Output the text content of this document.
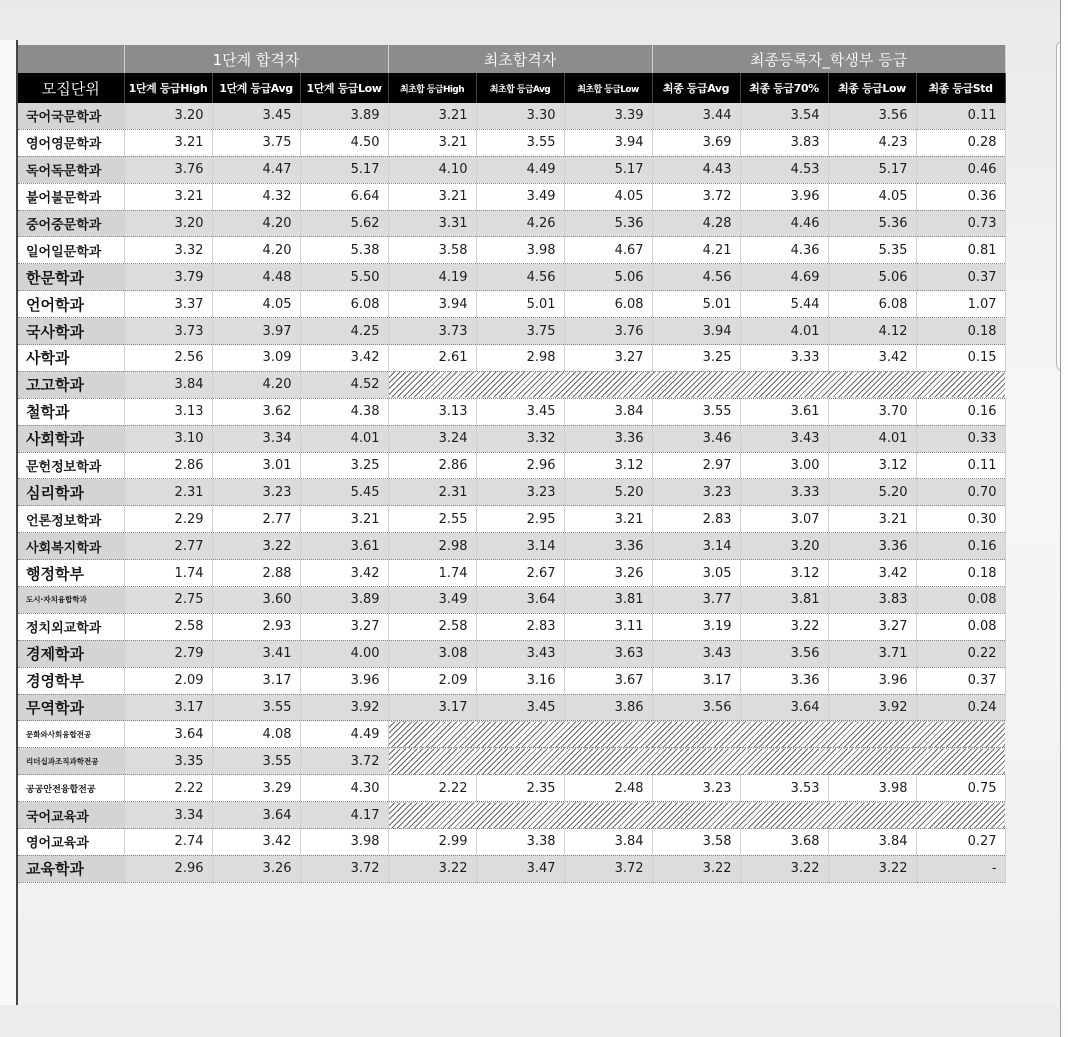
	1단계 합격자			최초합격자			최종등록자_학생부 등급			
모집단위	1단계 등급High	1단계 등급Avg	1단계 등급Low	최초합 등급High	최초합 등급Avg	최초합 등급Low	최종 등급Avg	최종 등급70%	최종 등급Low	최종 등급Std
국어국문학과	3.20	3.45	3.89	3.21	3.30	3.39	3.44	3.54	3.56	0.11
영어영문학과	3.21	3.75	4.50	3.21	3.55	3.94	3.69	3.83	4.23	0.28
독어독문학과	3.76	4.47	5.17	4.10	4.49	5.17	4.43	4.53	5.17	0.46
불어불문학과	3.21	4.32	6.64	3.21	3.49	4.05	3.72	3.96	4.05	0.36
중어중문학과	3.20	4.20	5.62	3.31	4.26	5.36	4.28	4.46	5.36	0.73
일어일문학과	3.32	4.20	5.38	3.58	3.98	4.67	4.21	4.36	5.35	0.81
한문학과	3.79	4.48	5.50	4.19	4.56	5.06	4.56	4.69	5.06	0.37
언어학과	3.37	4.05	6.08	3.94	5.01	6.08	5.01	5.44	6.08	1.07
국사학과	3.73	3.97	4.25	3.73	3.75	3.76	3.94	4.01	4.12	0.18
사학과	2.56	3.09	3.42	2.61	2.98	3.27	3.25	3.33	3.42	0.15
고고학과	3.84	4.20	4.52							
철학과	3.13	3.62	4.38	3.13	3.45	3.84	3.55	3.61	3.70	0.16
사회학과	3.10	3.34	4.01	3.24	3.32	3.36	3.46	3.43	4.01	0.33
문헌정보학과	2.86	3.01	3.25	2.86	2.96	3.12	2.97	3.00	3.12	0.11
심리학과	2.31	3.23	5.45	2.31	3.23	5.20	3.23	3.33	5.20	0.70
언론정보학과	2.29	2.77	3.21	2.55	2.95	3.21	2.83	3.07	3.21	0.30
사회복지학과	2.77	3.22	3.61	2.98	3.14	3.36	3.14	3.20	3.36	0.16
행정학부	1.74	2.88	3.42	1.74	2.67	3.26	3.05	3.12	3.42	0.18
도시·자치융합학과	2.75	3.60	3.89	3.49	3.64	3.81	3.77	3.81	3.83	0.08
정치외교학과	2.58	2.93	3.27	2.58	2.83	3.11	3.19	3.22	3.27	0.08
경제학과	2.79	3.41	4.00	3.08	3.43	3.63	3.43	3.56	3.71	0.22
경영학부	2.09	3.17	3.96	2.09	3.16	3.67	3.17	3.36	3.96	0.37
무역학과	3.17	3.55	3.92	3.17	3.45	3.86	3.56	3.64	3.92	0.24
문화와사회융합전공	3.64	4.08	4.49							
리더십과조직과학전공	3.35	3.55	3.72							
공공안전융합전공	2.22	3.29	4.30	2.22	2.35	2.48	3.23	3.53	3.98	0.75
국어교육과	3.34	3.64	4.17							
영어교육과	2.74	3.42	3.98	2.99	3.38	3.84	3.58	3.68	3.84	0.27
교육학과	2.96	3.26	3.72	3.22	3.47	3.72	3.22	3.22	3.22	-
